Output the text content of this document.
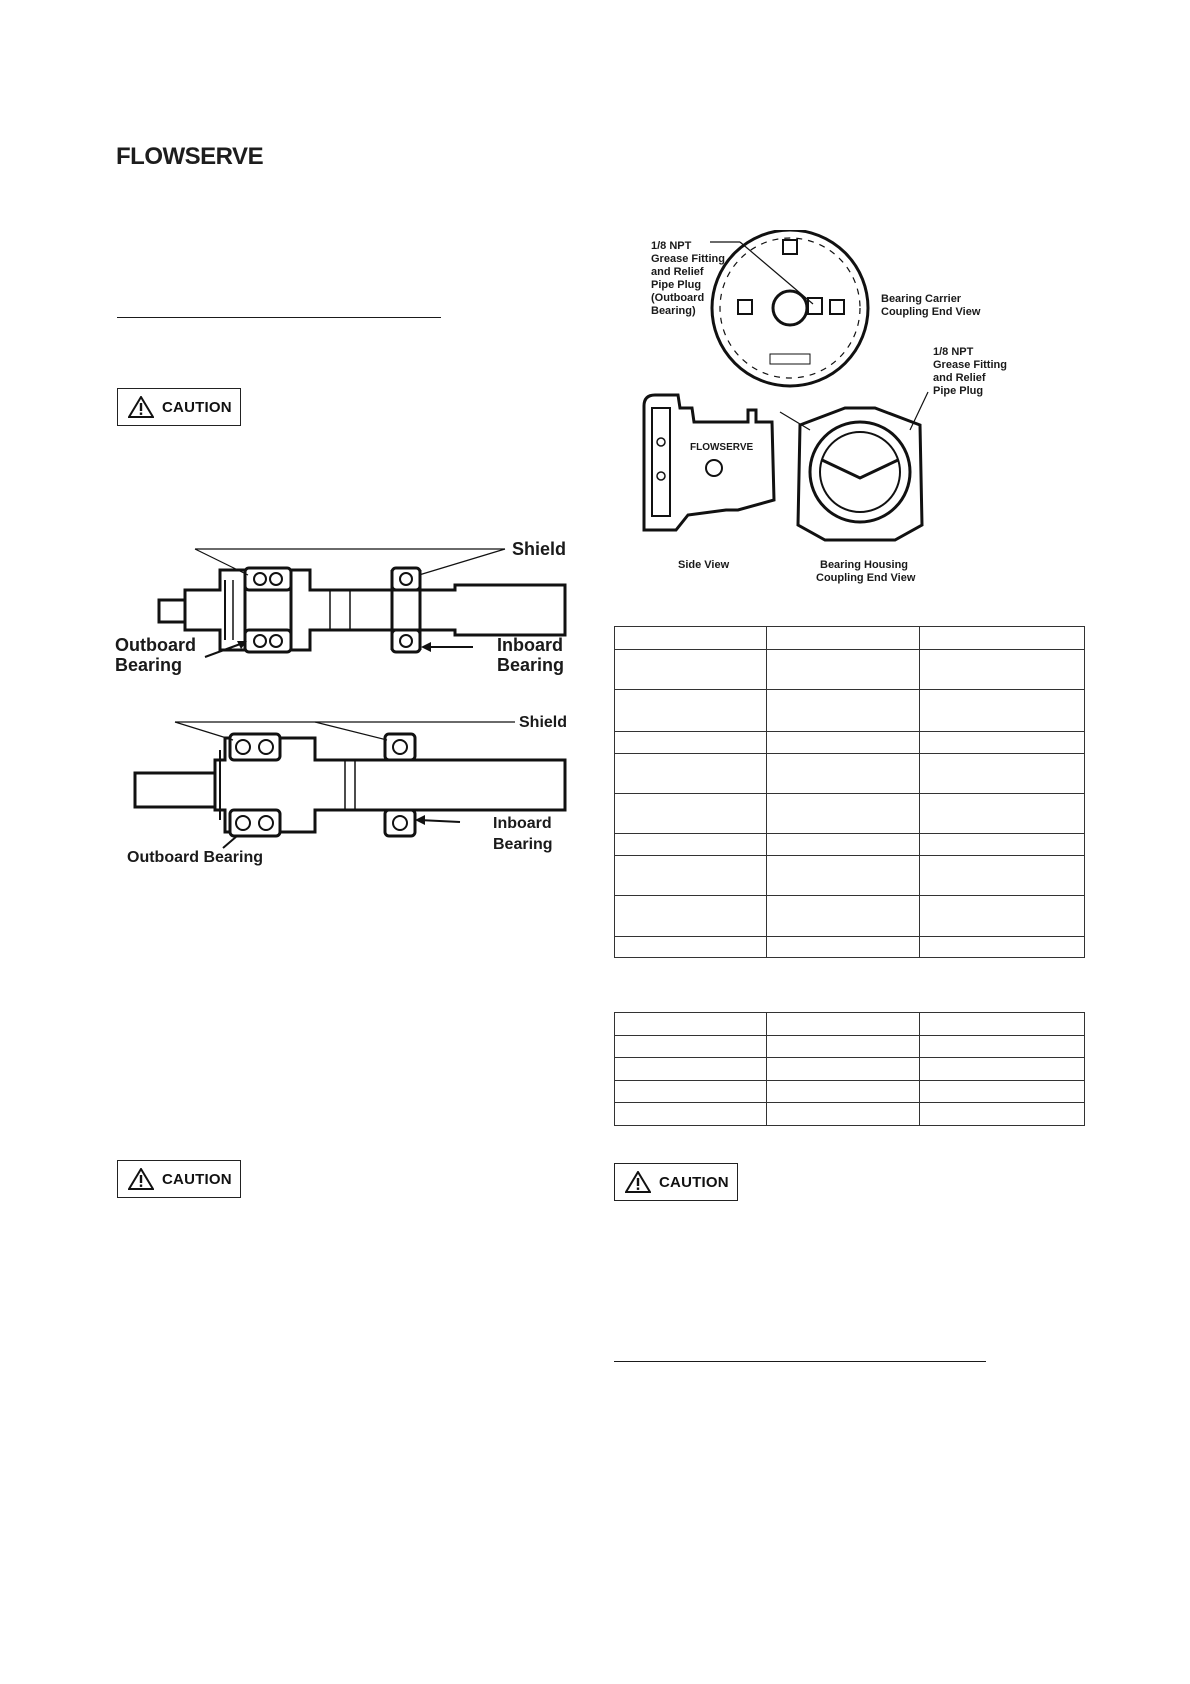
FLOWSERVE
CAUTION
Shield
Outboard
Bearing
Inboard
Bearing
Shield
Outboard Bearing
Inboard
Bearing
CAUTION
1/8 NPT
Grease Fitting
and Relief
Pipe Plug
(Outboard
Bearing)
Bearing Carrier
Coupling End View
FLOWSERVE
Side View
1/8 NPT
Grease Fitting
and Relief
Pipe Plug
Bearing Housing
Coupling End View

CAUTION
